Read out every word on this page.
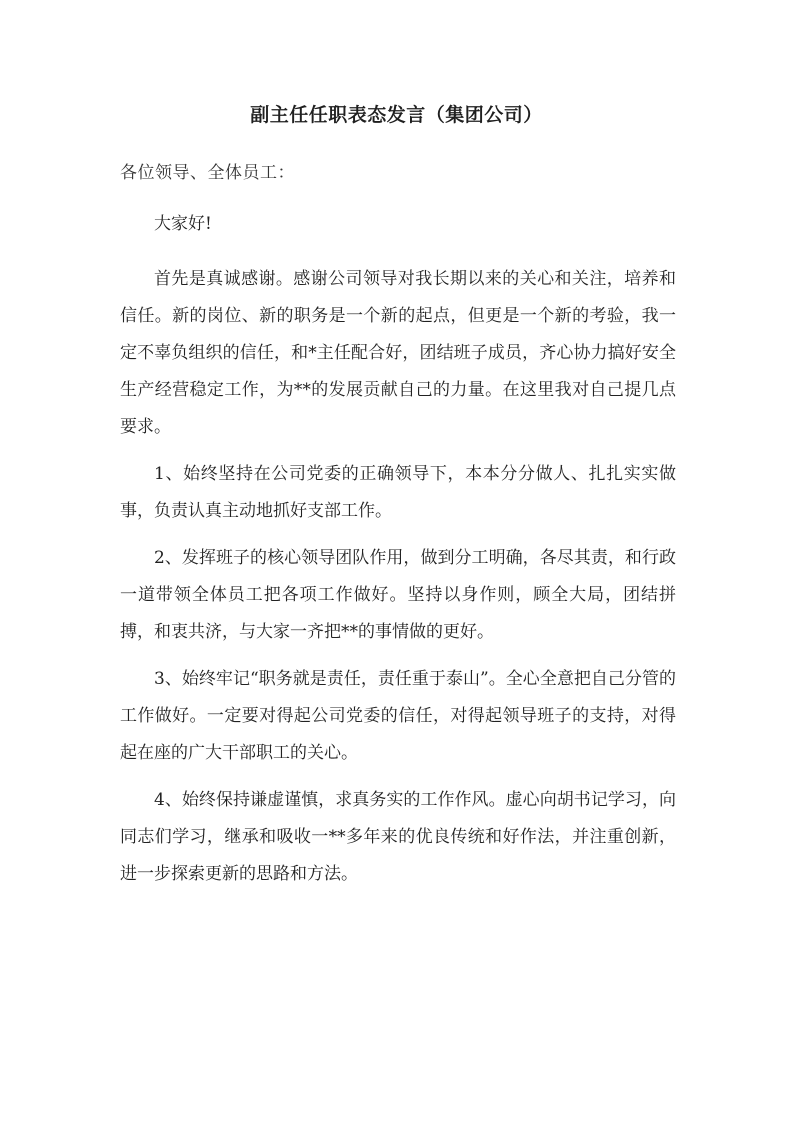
副主任任职表态发言（集团公司）
各位领导、全体员工：

大家好!

首先是真诚感谢。感谢公司领导对我长期以来的关心和关注，培养和信任。新的岗位、新的职务是一个新的起点，但更是一个新的考验，我一定不辜负组织的信任，和*主任配合好，团结班子成员，齐心协力搞好安全生产经营稳定工作，为**的发展贡献自己的力量。在这里我对自己提几点要求。

1、始终坚持在公司党委的正确领导下，本本分分做人、扎扎实实做事，负责认真主动地抓好支部工作。

2、发挥班子的核心领导团队作用，做到分工明确，各尽其责，和行政一道带领全体员工把各项工作做好。坚持以身作则，顾全大局，团结拼搏，和衷共济，与大家一齐把**的事情做的更好。

3、始终牢记“职务就是责任，责任重于泰山”。全心全意把自己分管的工作做好。一定要对得起公司党委的信任，对得起领导班子的支持，对得起在座的广大干部职工的关心。

4、始终保持谦虚谨慎，求真务实的工作作风。虚心向胡书记学习，向同志们学习，继承和吸收一**多年来的优良传统和好作法，并注重创新，进一步探索更新的思路和方法。
